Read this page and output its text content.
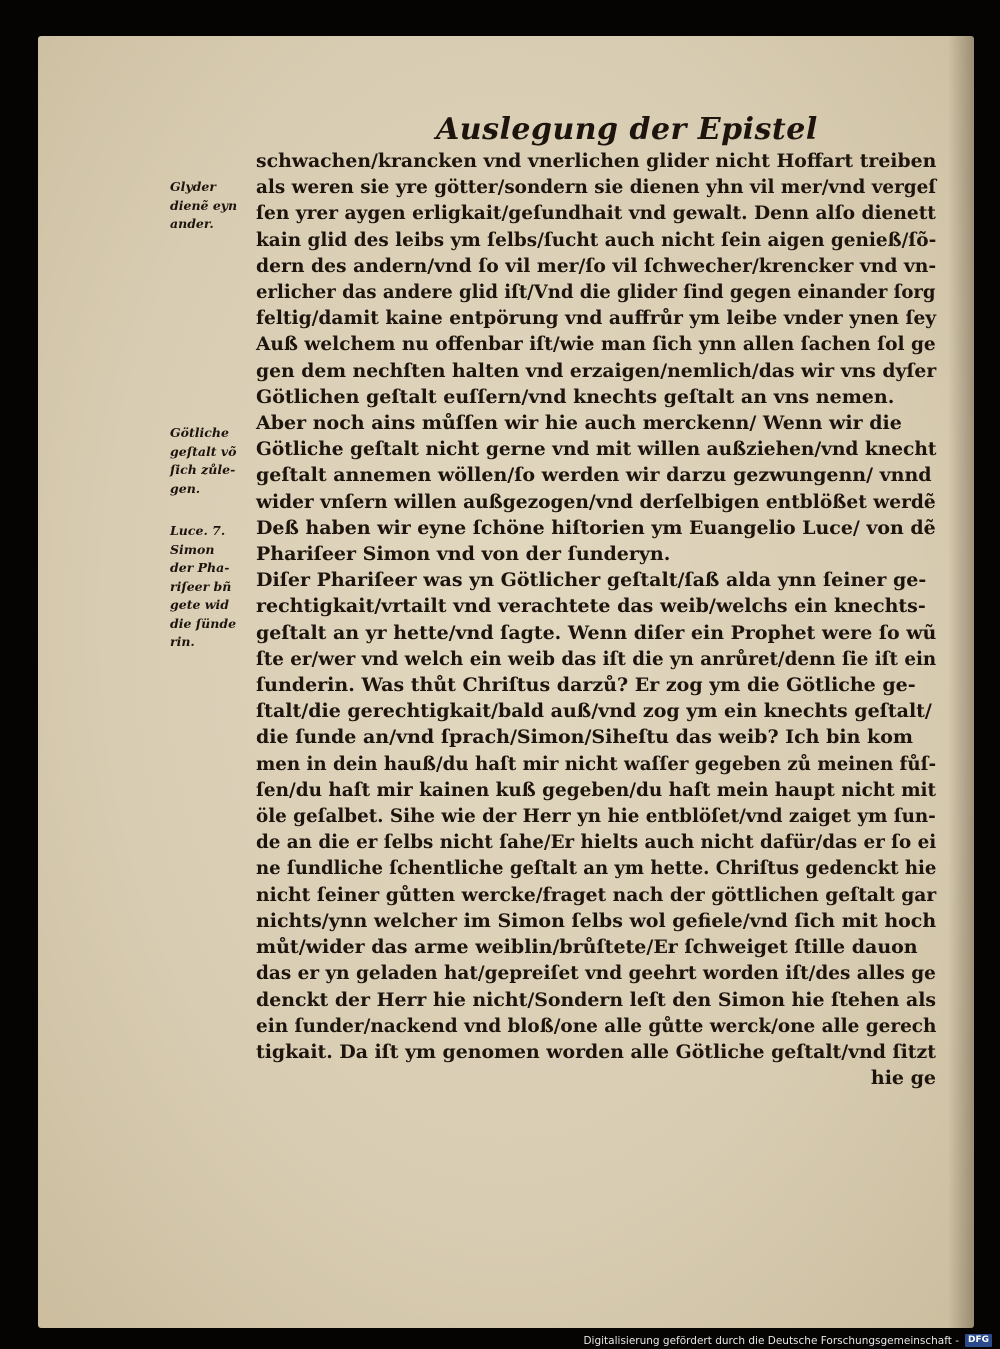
Auslegung der Epistel
schwachen/krancken vnd vnerlichen glider nicht Hoffart treiben
als weren sie yre götter/sondern sie dienen yhn vil mer/vnd vergeſ
ſen yrer aygen erligkait/geſundhait vnd gewalt. Denn alſo dienett
kain glid des leibs ym ſelbs/ſucht auch nicht ſein aigen genieß/ſõ-
dern des andern/vnd ſo vil mer/ſo vil ſchwecher/krencker vnd vn-
erlicher das andere glid iſt/Vnd die glider ſind gegen einander ſorg
feltig/damit kaine entpörung vnd auffrůr ym leibe vnder ynen ſey
Auß welchem nu offenbar iſt/wie man ſich ynn allen ſachen ſol ge
gen dem nechſten halten vnd erzaigen/nemlich/das wir vns dyſer
Götlichen geſtalt euſſern/vnd knechts geſtalt an vns nemen.
Aber noch ains můſſen wir hie auch merckenn/ Wenn wir die
Götliche geſtalt nicht gerne vnd mit willen außziehen/vnd knecht
geſtalt annemen wöllen/ſo werden wir darzu gezwungenn/ vnnd
wider vnſern willen außgezogen/vnd derſelbigen entblößet werdẽ
Deß haben wir eyne ſchöne hiſtorien ym Euangelio Luce/ von dẽ
Phariſeer Simon vnd von der ſunderyn.
Diſer Phariſeer was yn Götlicher geſtalt/ſaß alda ynn ſeiner ge-
rechtigkait/vrtailt vnd verachtete das weib/welchs ein knechts-
geſtalt an yr hette/vnd ſagte. Wenn diſer ein Prophet were ſo wũ
ſte er/wer vnd welch ein weib das iſt die yn anrůret/denn ſie iſt ein
ſunderin. Was thůt Chriſtus darzů? Er zog ym die Götliche ge-
ſtalt/die gerechtigkait/bald auß/vnd zog ym ein knechts geſtalt/
die ſunde an/vnd ſprach/Simon/Siheſtu das weib? Ich bin kom
men in dein hauß/du haſt mir nicht waſſer gegeben zů meinen fůſ-
ſen/du haſt mir kainen kuß gegeben/du haſt mein haupt nicht mit
öle geſalbet. Sihe wie der Herr yn hie entblöſet/vnd zaiget ym ſun-
de an die er ſelbs nicht ſahe/Er hielts auch nicht dafür/das er ſo ei
ne ſundliche ſchentliche geſtalt an ym hette. Chriſtus gedenckt hie
nicht ſeiner gůtten wercke/fraget nach der göttlichen geſtalt gar
nichts/ynn welcher im Simon ſelbs wol gefiele/vnd ſich mit hoch
můt/wider das arme weiblin/brůſtete/Er ſchweiget ſtille dauon
das er yn geladen hat/gepreiſet vnd geehrt worden iſt/des alles ge
denckt der Herr hie nicht/Sondern leſt den Simon hie ſtehen als
ein ſunder/nackend vnd bloß/one alle gůtte werck/one alle gerech
tigkait. Da iſt ym genomen worden alle Götliche geſtalt/vnd ſitzt
hie ge
Glyder
dienẽ eyn
ander.
Götliche
geſtalt võ
ſich zůle-
gen.
Luce. 7.
Simon
der Pha-
riſeer bñ
gete wid
die ſünde
rin.
Digitalisierung gefördert durch die Deutsche Forschungsgemeinschaft -	DFG
